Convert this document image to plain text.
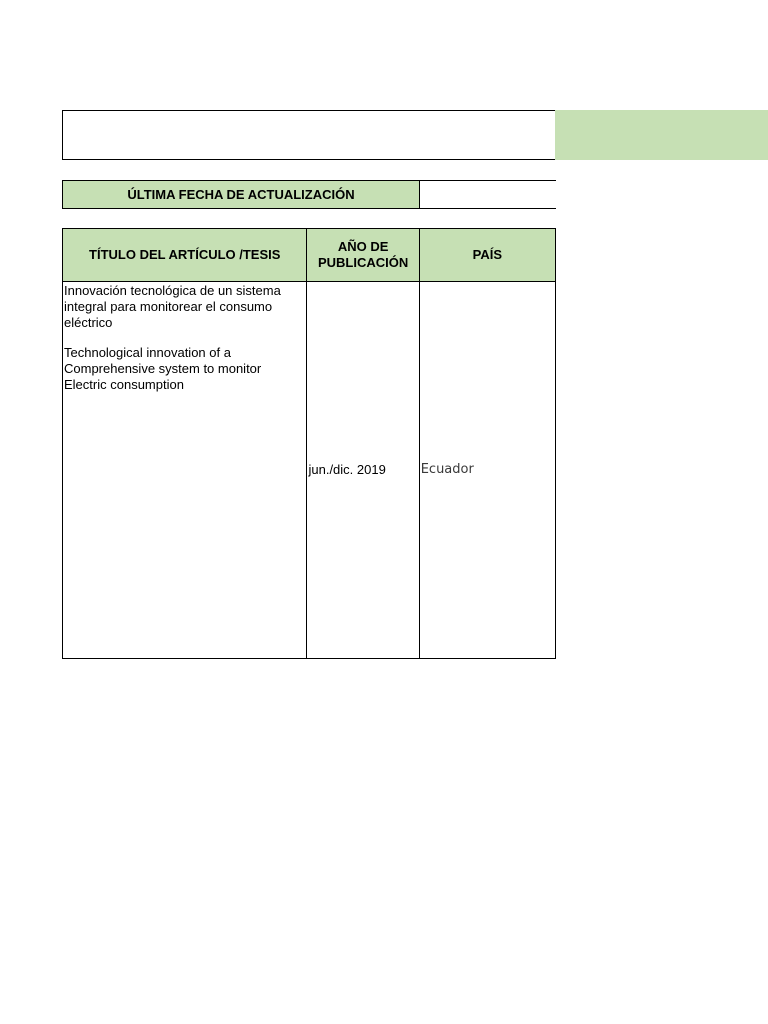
ÚLTIMA FECHA DE ACTUALIZACIÓN
TÍTULO DEL ARTÍCULO /TESIS	AÑO DE PUBLICACIÓN	PAÍS

Innovación tecnológica de un sistema integral para monitorear el consumo eléctrico

Technological innovation of a Comprehensive system to monitor Electric consumption	jun./dic. 2019	Ecuador
